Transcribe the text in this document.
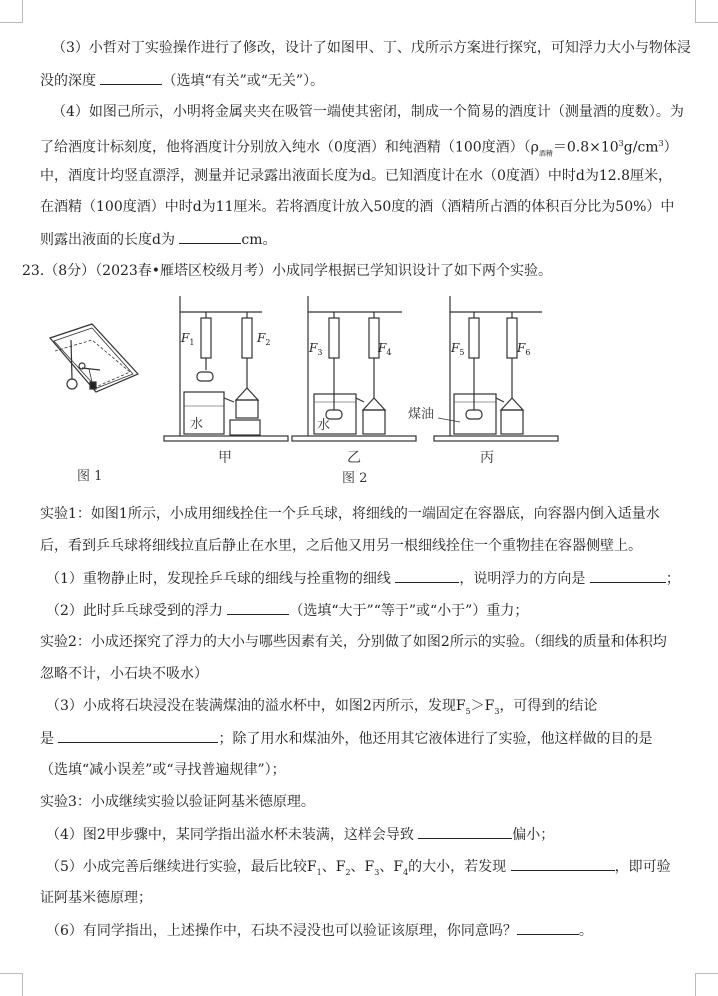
（3）小哲对丁实验操作进行了修改，设计了如图甲、丁、戊所示方案进行探究，可知浮力大小与物体浸
没的深度	（选填“有关”或“无关”）。
（4）如图己所示，小明将金属夹夹在吸管一端使其密闭，制成一个简易的酒度计（测量酒的度数）。为
了给酒度计标刻度，他将酒度计分别放入纯水（0度酒）和纯酒精（100度酒）$(\rho_{酒精}=0.8\times 10^3g/cm^3)$
中，酒度计均竖直漂浮，测量并记录露出液面长度为d。已知酒度计在水（0度酒）中时d为12.8厘米，
在酒精（100度酒）中时d为11厘米。若将酒度计放入50度的酒（酒精所占酒的体积百分比为50%）中
则露出液面的长度d为	cm。
23.（8分）（2023春•雁塔区校级月考）小成同学根据已学知识设计了如下两个实验。
图 1
$F_1$	$F_2$
水
甲
$F_3$	$F_4$
水
乙
图 2
$F_5$	$F_6$
煤油
丙
实验1：如图1所示，小成用细线拴住一个乒乓球，将细线的一端固定在容器底，向容器内倒入适量水
后，看到乒乓球将细线拉直后静止在水里，之后他又用另一根细线拴住一个重物挂在容器侧壁上。
（1）重物静止时，发现拴乒乓球的细线与拴重物的细线	，说明浮力的方向是	；
（2）此时乒乓球受到的浮力	（选填“大于”“等于”或“小于”）重力；
实验2：小成还探究了浮力的大小与哪些因素有关，分别做了如图2所示的实验。（细线的质量和体积均
忽略不计，小石块不吸水）
（3）小成将石块浸没在装满煤油的溢水杯中，如图2丙所示，发现$F_5>F_3$，可得到的结论
是	；除了用水和煤油外，他还用其它液体进行了实验，他这样做的目的是
（选填“减小误差”或“寻找普遍规律”）；
实验3：小成继续实验以验证阿基米德原理。
（4）图2甲步骤中，某同学指出溢水杯未装满，这样会导致	偏小；
（5）小成完善后继续进行实验，最后比较$F_1$、$F_2$、$F_3$、$F_4$的大小，若发现	，即可验
证阿基米德原理；
（6）有同学指出，上述操作中，石块不浸没也可以验证该原理，你同意吗？	。
